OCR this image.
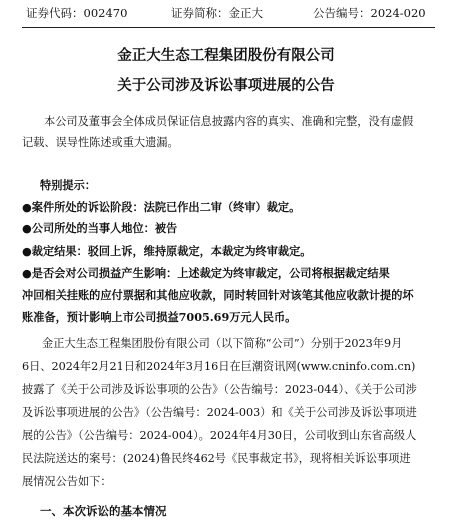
证券代码：002470	证券简称：金正大	公告编号：2024-020
金正大生态工程集团股份有限公司
关于公司涉及诉讼事项进展的公告
本公司及董事会全体成员保证信息披露内容的真实、准确和完整，没有虚假
记载、误导性陈述或重大遗漏。
特别提示：
●案件所处的诉讼阶段：法院已作出二审（终审）裁定。
●公司所处的当事人地位：被告
●裁定结果：驳回上诉，维持原裁定，本裁定为终审裁定。
●是否会对公司损益产生影响：上述裁定为终审裁定，公司将根据裁定结果
冲回相关挂账的应付票据和其他应收款，同时转回针对该笔其他应收款计提的坏
账准备，预计影响上市公司损益7005.69万元人民币。
金正大生态工程集团股份有限公司（以下简称“公司”）分别于2023年9月
6日、2024年2月21日和2024年3月16日在巨潮资讯网(www.cninfo.com.cn)
披露了《关于公司涉及诉讼事项的公告》（公告编号：2023-044）、《关于公司涉
及诉讼事项进展的公告》（公告编号：2024-003）和《关于公司涉及诉讼事项进
展的公告》（公告编号：2024-004）。2024年4月30日，公司收到山东省高级人
民法院送达的案号：(2024)鲁民终462号《民事裁定书》，现将相关诉讼事项进
展情况公告如下：
一、本次诉讼的基本情况
